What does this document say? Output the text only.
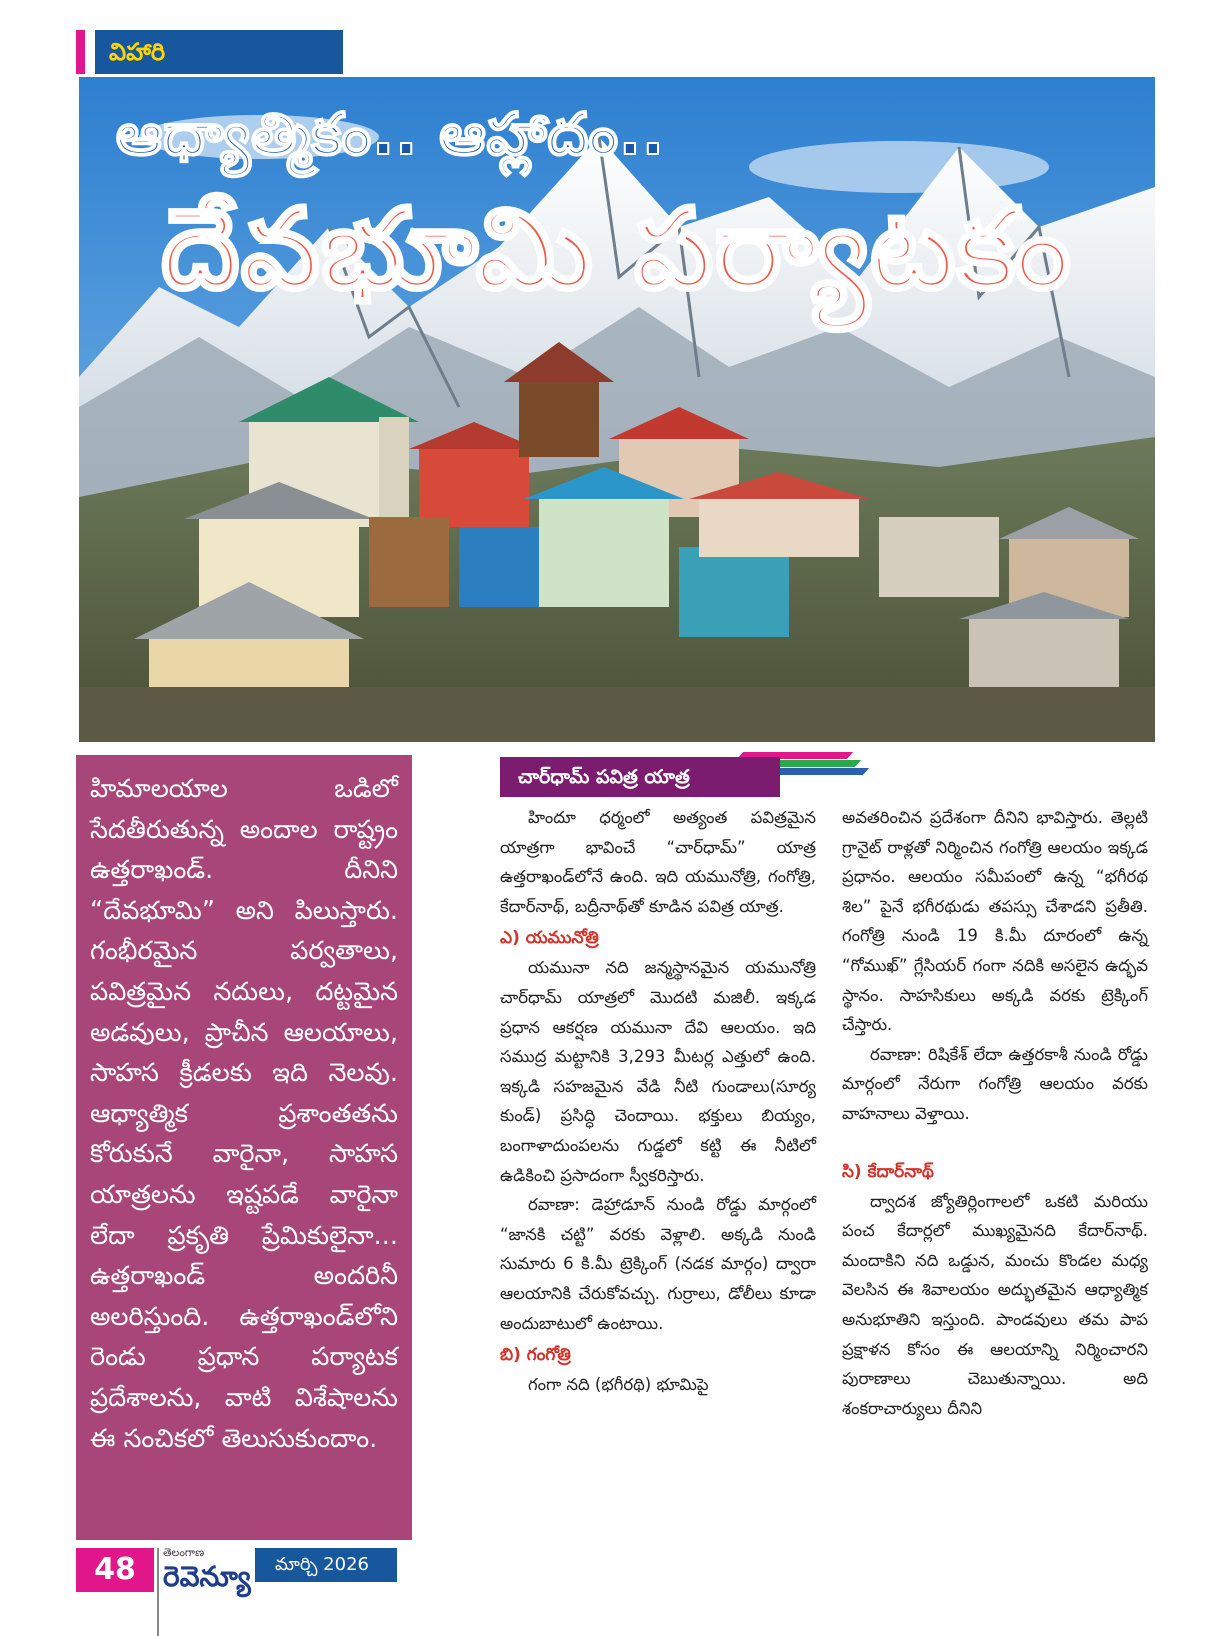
విహారి
ఆధ్యాత్మికం.. ఆహ్లాదం..
దేవభూమి పర్యాటకం

హిమాలయాల ఒడిలో సేదతీరుతున్న అందాల రాష్ట్రం ఉత్తరాఖండ్. దీనిని “దేవభూమి” అని పిలుస్తారు. గంభీరమైన పర్వతాలు, పవిత్రమైన నదులు, దట్టమైన అడవులు, ప్రాచీన ఆలయాలు, సాహస క్రీడలకు ఇది నెలవు. ఆధ్యాత్మిక ప్రశాంతతను కోరుకునే వారైనా, సాహస యాత్రలను ఇష్టపడే వారైనా లేదా ప్రకృతి ప్రేమికులైనా... ఉత్తరాఖండ్ అందరినీ అలరిస్తుంది. ఉత్తరాఖండ్‌లోని రెండు ప్రధాన పర్యాటక ప్రదేశాలను, వాటి విశేషాలను ఈ సంచికలో తెలుసుకుందాం.

చార్‌ధామ్ పవిత్ర యాత్ర

హిందూ ధర్మంలో అత్యంత పవిత్రమైన యాత్రగా భావించే “చార్‌ధామ్” యాత్ర ఉత్తరాఖండ్‌లోనే ఉంది. ఇది యమునోత్రి, గంగోత్రి, కేదార్‌నాథ్, బద్రీనాథ్‌తో కూడిన పవిత్ర యాత్ర.

ఎ) యమునోత్రి

యమునా నది జన్మస్థానమైన యమునోత్రి చార్‌ధామ్ యాత్రలో మొదటి మజిలీ. ఇక్కడ ప్రధాన ఆకర్షణ యమునా దేవి ఆలయం. ఇది సముద్ర మట్టానికి 3,293 మీటర్ల ఎత్తులో ఉంది. ఇక్కడి సహజమైన వేడి నీటి గుండాలు(సూర్య కుండ్) ప్రసిద్ధి చెందాయి. భక్తులు బియ్యం, బంగాళాదుంపలను గుడ్డలో కట్టి ఈ నీటిలో ఉడికించి ప్రసాదంగా స్వీకరిస్తారు.

రవాణా: డెహ్రాడూన్ నుండి రోడ్డు మార్గంలో “జానకి చట్టి” వరకు వెళ్లాలి. అక్కడి నుండి సుమారు 6 కి.మీ ట్రెక్కింగ్ (నడక మార్గం) ద్వారా ఆలయానికి చేరుకోవచ్చు. గుర్రాలు, డోలీలు కూడా అందుబాటులో ఉంటాయి.

బి) గంగోత్రి

గంగా నది (భగీరథి) భూమిపై

అవతరించిన ప్రదేశంగా దీనిని భావిస్తారు. తెల్లటి గ్రానైట్ రాళ్లతో నిర్మించిన గంగోత్రి ఆలయం ఇక్కడ ప్రధానం. ఆలయం సమీపంలో ఉన్న “భగీరథ శిల” పైనే భగీరథుడు తపస్సు చేశాడని ప్రతీతి. గంగోత్రి నుండి 19 కి.మీ దూరంలో ఉన్న “గోముఖ్” గ్లేసియర్ గంగా నదికి అసలైన ఉద్భవ స్థానం. సాహసికులు అక్కడి వరకు ట్రెక్కింగ్ చేస్తారు.

రవాణా: రిషికేశ్ లేదా ఉత్తరకాశీ నుండి రోడ్డు మార్గంలో నేరుగా గంగోత్రి ఆలయం వరకు వాహనాలు వెళ్తాయి.

సి) కేదార్‌నాథ్

ద్వాదశ జ్యోతిర్లింగాలలో ఒకటి మరియు పంచ కేదార్లలో ముఖ్యమైనది కేదార్‌నాథ్. మందాకిని నది ఒడ్డున, మంచు కొండల మధ్య వెలసిన ఈ శివాలయం అద్భుతమైన ఆధ్యాత్మిక అనుభూతిని ఇస్తుంది. పాండవులు తమ పాప ప్రక్షాళన కోసం ఈ ఆలయాన్ని నిర్మించారని పురాణాలు చెబుతున్నాయి. అది శంకరాచార్యులు దీనిని

48	తెలంగాణ
రెవెన్యూ	మార్చి 2026
